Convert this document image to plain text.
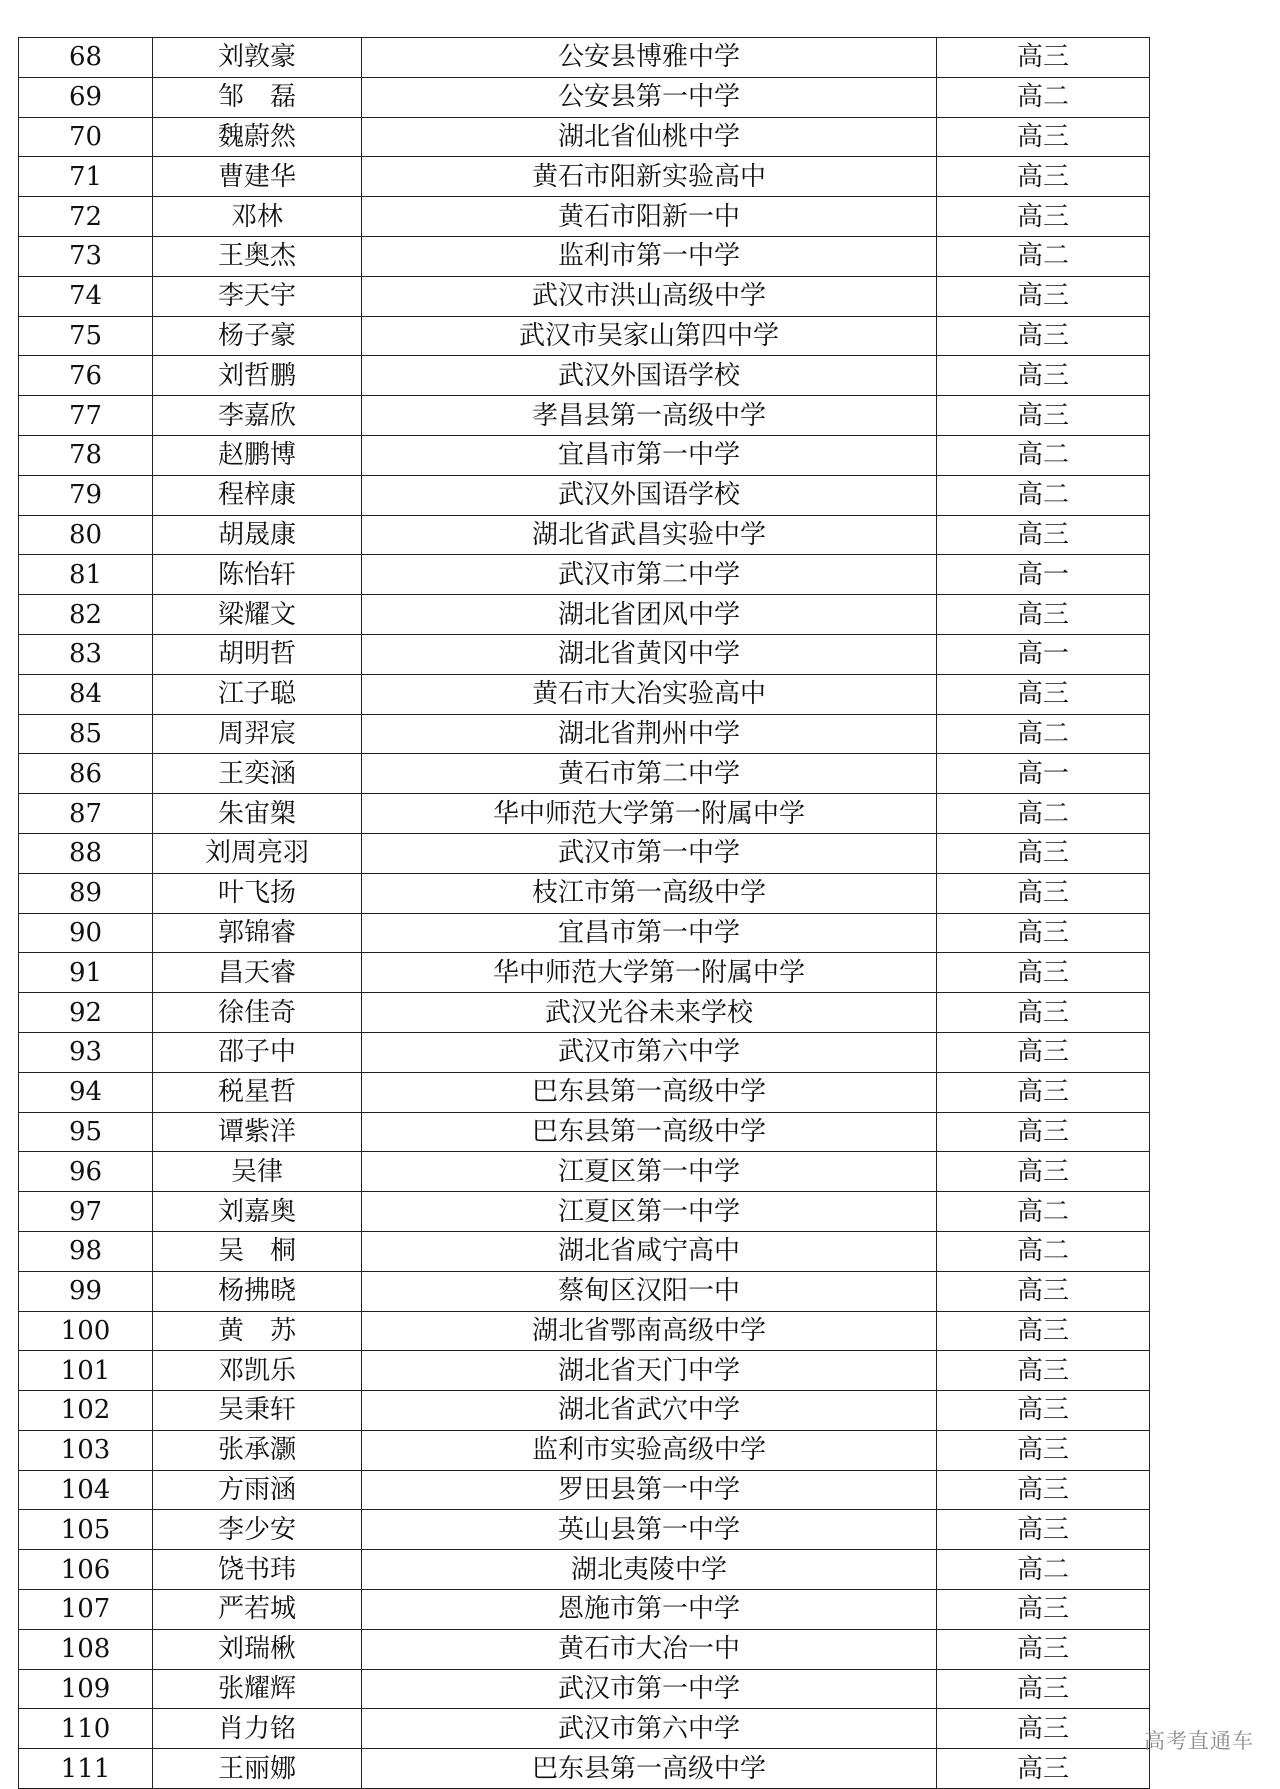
68	刘敦豪	公安县博雅中学	高三
69	邹　磊	公安县第一中学	高二
70	魏蔚然	湖北省仙桃中学	高三
71	曹建华	黄石市阳新实验高中	高三
72	邓林	黄石市阳新一中	高三
73	王奥杰	监利市第一中学	高二
74	李天宇	武汉市洪山高级中学	高三
75	杨子豪	武汉市吴家山第四中学	高三
76	刘哲鹏	武汉外国语学校	高三
77	李嘉欣	孝昌县第一高级中学	高三
78	赵鹏博	宜昌市第一中学	高二
79	程梓康	武汉外国语学校	高二
80	胡晟康	湖北省武昌实验中学	高三
81	陈怡轩	武汉市第二中学	高一
82	梁耀文	湖北省团风中学	高三
83	胡明哲	湖北省黄冈中学	高一
84	江子聪	黄石市大冶实验高中	高三
85	周羿宸	湖北省荆州中学	高二
86	王奕涵	黄石市第二中学	高一
87	朱宙槊	华中师范大学第一附属中学	高二
88	刘周亮羽	武汉市第一中学	高三
89	叶飞扬	枝江市第一高级中学	高三
90	郭锦睿	宜昌市第一中学	高三
91	昌天睿	华中师范大学第一附属中学	高三
92	徐佳奇	武汉光谷未来学校	高三
93	邵子中	武汉市第六中学	高三
94	税星哲	巴东县第一高级中学	高三
95	谭紫洋	巴东县第一高级中学	高三
96	吴律	江夏区第一中学	高三
97	刘嘉奥	江夏区第一中学	高二
98	吴　桐	湖北省咸宁高中	高二
99	杨拂晓	蔡甸区汉阳一中	高三
100	黄　苏	湖北省鄂南高级中学	高三
101	邓凯乐	湖北省天门中学	高三
102	吴秉轩	湖北省武穴中学	高三
103	张承灏	监利市实验高级中学	高三
104	方雨涵	罗田县第一中学	高三
105	李少安	英山县第一中学	高三
106	饶书玮	湖北夷陵中学	高二
107	严若城	恩施市第一中学	高三
108	刘瑞楸	黄石市大冶一中	高三
109	张耀辉	武汉市第一中学	高三
110	肖力铭	武汉市第六中学	高三
111	王丽娜	巴东县第一高级中学	高三
高考直通车
